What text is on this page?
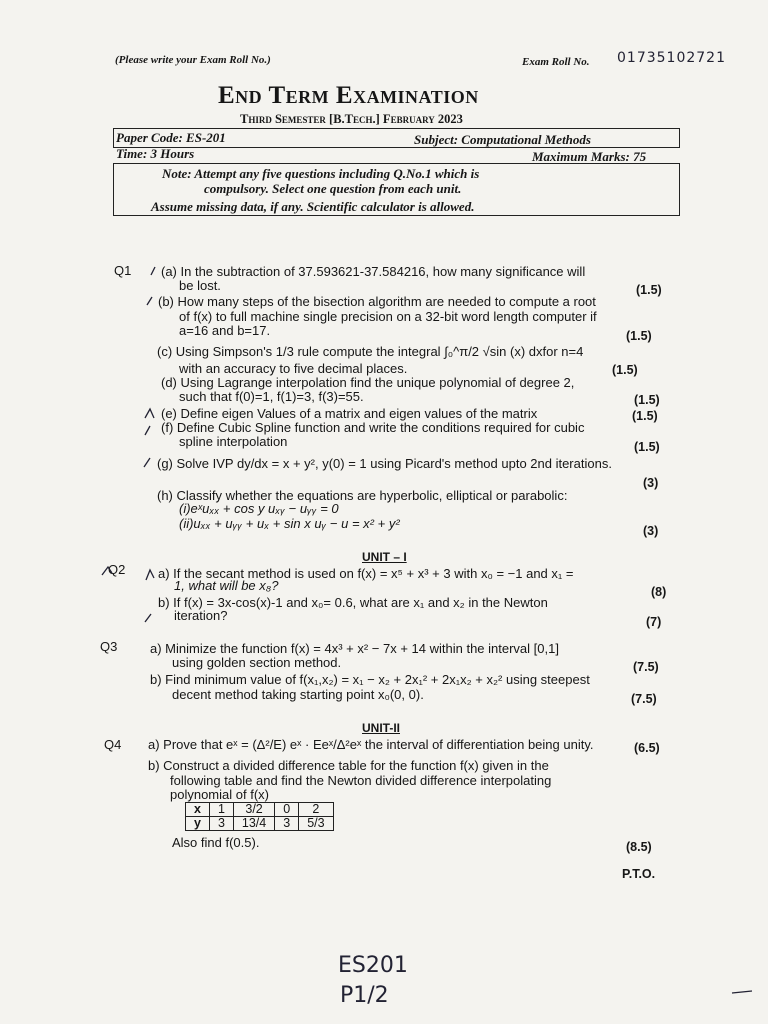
(Please write your Exam Roll No.)	Exam Roll No. 01735102721
End Term Examination
Third Semester [B.Tech.] February 2023
Paper Code: ES-201	Subject: Computational Methods
Time: 3 Hours	Maximum Marks: 75
Note: Attempt any five questions including Q.No.1 which is
compulsory. Select one question from each unit.
Assume missing data, if any. Scientific calculator is allowed.
Q1 (a) In the subtraction of 37.593621-37.584216, how many significance will
be lost.	(1.5)
(b) How many steps of the bisection algorithm are needed to compute a root
of f(x) to full machine single precision on a 32-bit word length computer if
a=16 and b=17.	(1.5)
(c) Using Simpson's 1/3 rule compute the integral ∫₀^π/2 √sin (x) dxfor n=4
with an accuracy to five decimal places.	(1.5)
(d) Using Lagrange interpolation find the unique polynomial of degree 2,
such that f(0)=1, f(1)=3, f(3)=55.	(1.5)
(e) Define eigen Values of a matrix and eigen values of the matrix	(1.5)
(f) Define Cubic Spline function and write the conditions required for cubic
spline interpolation	(1.5)
(g) Solve IVP dy/dx = x + y², y(0) = 1 using Picard's method upto 2nd iterations.
(3)
(h) Classify whether the equations are hyperbolic, elliptical or parabolic:
(i)eˣuₓₓ + cos y uₓᵧ − uᵧᵧ = 0
(ii)uₓₓ + uᵧᵧ + uₓ + sin x uᵧ − u = x² + y²	(3)
UNIT – I
Q2	a) If the secant method is used on f(x) = x⁵ + x³ + 3 with x₀ = −1 and x₁ =
1, what will be x₈?	(8)
b) If f(x) = 3x-cos(x)-1 and x₀= 0.6, what are x₁ and x₂ in the Newton
iteration?	(7)
Q3	a) Minimize the function f(x) = 4x³ + x² − 7x + 14 within the interval [0,1]
using golden section method.	(7.5)
b) Find minimum value of f(x₁,x₂) = x₁ − x₂ + 2x₁² + 2x₁x₂ + x₂² using steepest
decent method taking starting point x₀(0, 0).	(7.5)
UNIT-II
Q4 a) Prove that eˣ = (Δ²/E) eˣ · Eeˣ/Δ²eˣ the interval of differentiation being unity.	(6.5)
b) Construct a divided difference table for the function f(x) given in the
following table and find the Newton divided difference interpolating
polynomial of f(x)
x	1	3/2	0	2
y	3	13/4	3	5/3
Also find f(0.5).	(8.5)
P.T.O.
ES201
P1/2
